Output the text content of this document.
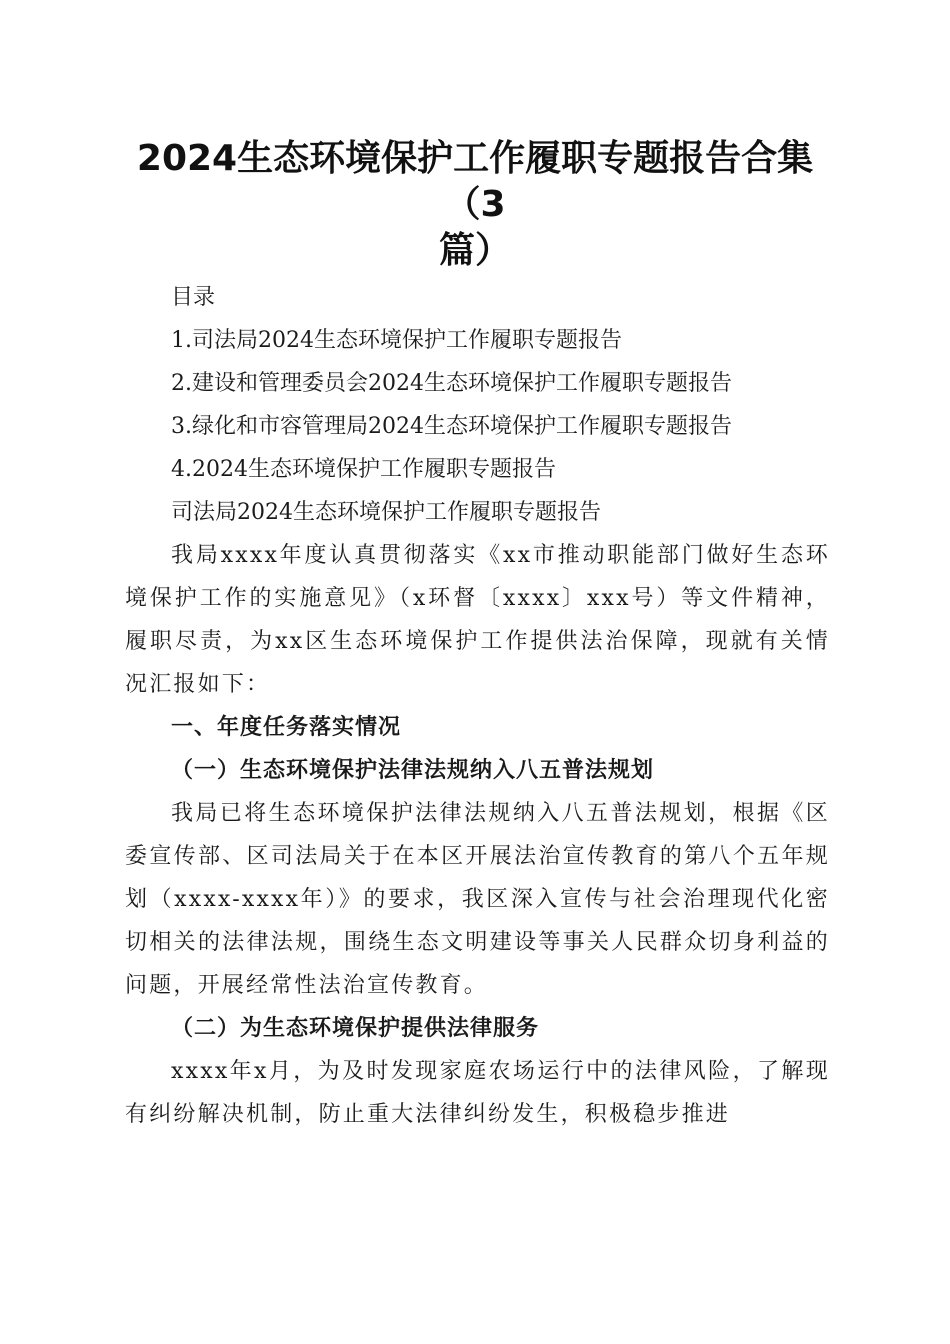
2024生态环境保护工作履职专题报告合集（3
篇）

目录

1.司法局2024生态环境保护工作履职专题报告

2.建设和管理委员会2024生态环境保护工作履职专题报告

3.绿化和市容管理局2024生态环境保护工作履职专题报告

4.2024生态环境保护工作履职专题报告

司法局2024生态环境保护工作履职专题报告

我局xxxx年度认真贯彻落实《xx市推动职能部门做好生态环境保护工作的实施意见》（x环督〔xxxx〕xxx号）等文件精神，履职尽责，为xx区生态环境保护工作提供法治保障，现就有关情况汇报如下：

一、年度任务落实情况

（一）生态环境保护法律法规纳入八五普法规划

我局已将生态环境保护法律法规纳入八五普法规划，根据《区委宣传部、区司法局关于在本区开展法治宣传教育的第八个五年规划（xxxx-xxxx年）》的要求，我区深入宣传与社会治理现代化密切相关的法律法规，围绕生态文明建设等事关人民群众切身利益的问题，开展经常性法治宣传教育。

（二）为生态环境保护提供法律服务

xxxx年x月，为及时发现家庭农场运行中的法律风险，了解现有纠纷解决机制，防止重大法律纠纷发生，积极稳步推进
